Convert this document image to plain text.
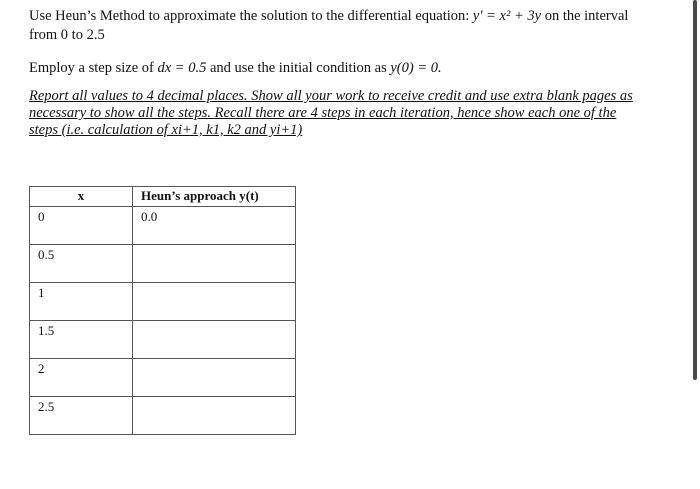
Use Heun’s Method to approximate the solution to the differential equation: y′ = x² + 3y on the interval
from 0 to 2.5
Employ a step size of dx = 0.5 and use the initial condition as y(0) = 0.
Report all values to 4 decimal places. Show all your work to receive credit and use extra blank pages as
necessary to show all the steps. Recall there are 4 steps in each iteration, hence show each one of the
steps (i.e. calculation of xi+1, k1, k2 and yi+1)
x	Heun’s approach y(t)
0	0.0
0.5	
1	
1.5	
2	
2.5	
